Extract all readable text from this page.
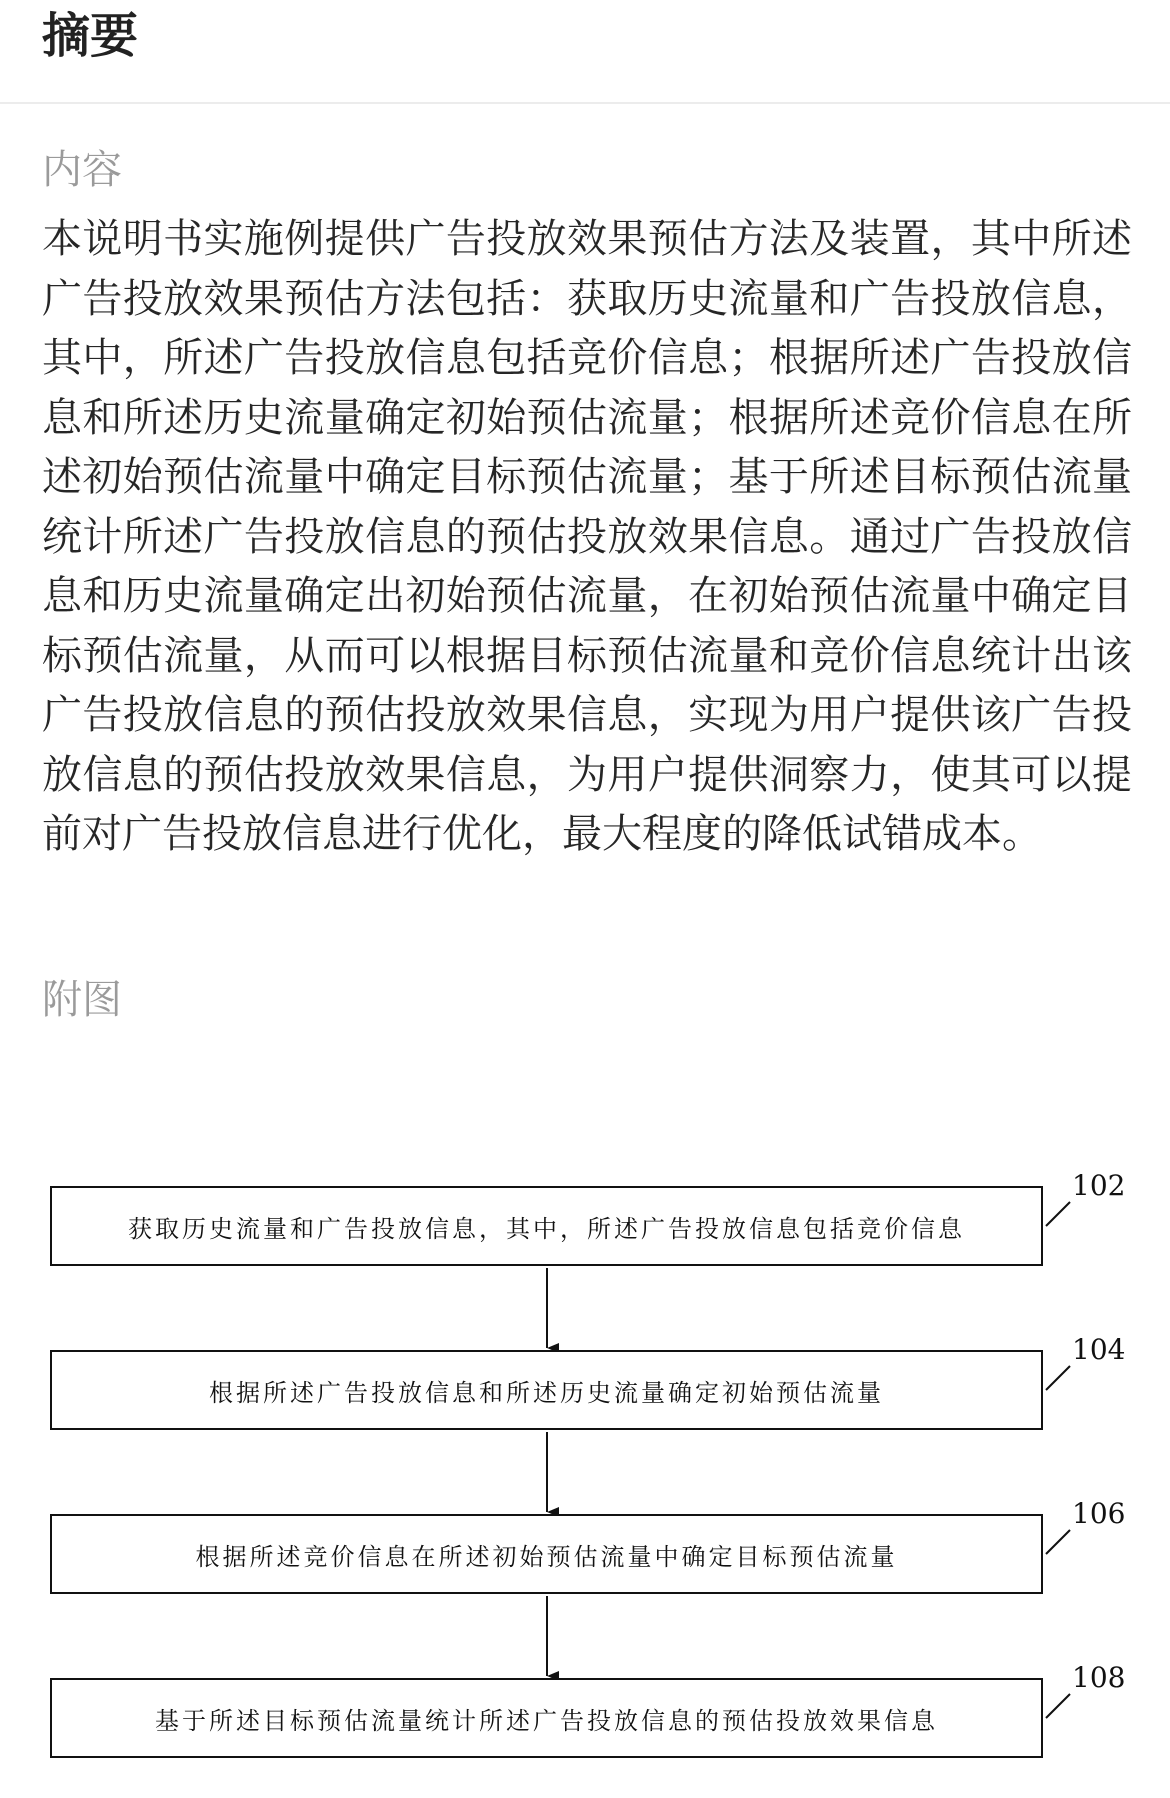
摘要
内容

本说明书实施例提供广告投放效果预估方法及装置，其中所述广告投放效果预估方法包括：获取历史流量和广告投放信息，其中，所述广告投放信息包括竞价信息；根据所述广告投放信息和所述历史流量确定初始预估流量；根据所述竞价信息在所述初始预估流量中确定目标预估流量；基于所述目标预估流量统计所述广告投放信息的预估投放效果信息。通过广告投放信息和历史流量确定出初始预估流量，在初始预估流量中确定目标预估流量，从而可以根据目标预估流量和竞价信息统计出该广告投放信息的预估投放效果信息，实现为用户提供该广告投放信息的预估投放效果信息，为用户提供洞察力，使其可以提前对广告投放信息进行优化，最大程度的降低试错成本。

附图
获取历史流量和广告投放信息，其中，所述广告投放信息包括竞价信息
102
根据所述广告投放信息和所述历史流量确定初始预估流量
104
根据所述竞价信息在所述初始预估流量中确定目标预估流量
106
基于所述目标预估流量统计所述广告投放信息的预估投放效果信息
108
